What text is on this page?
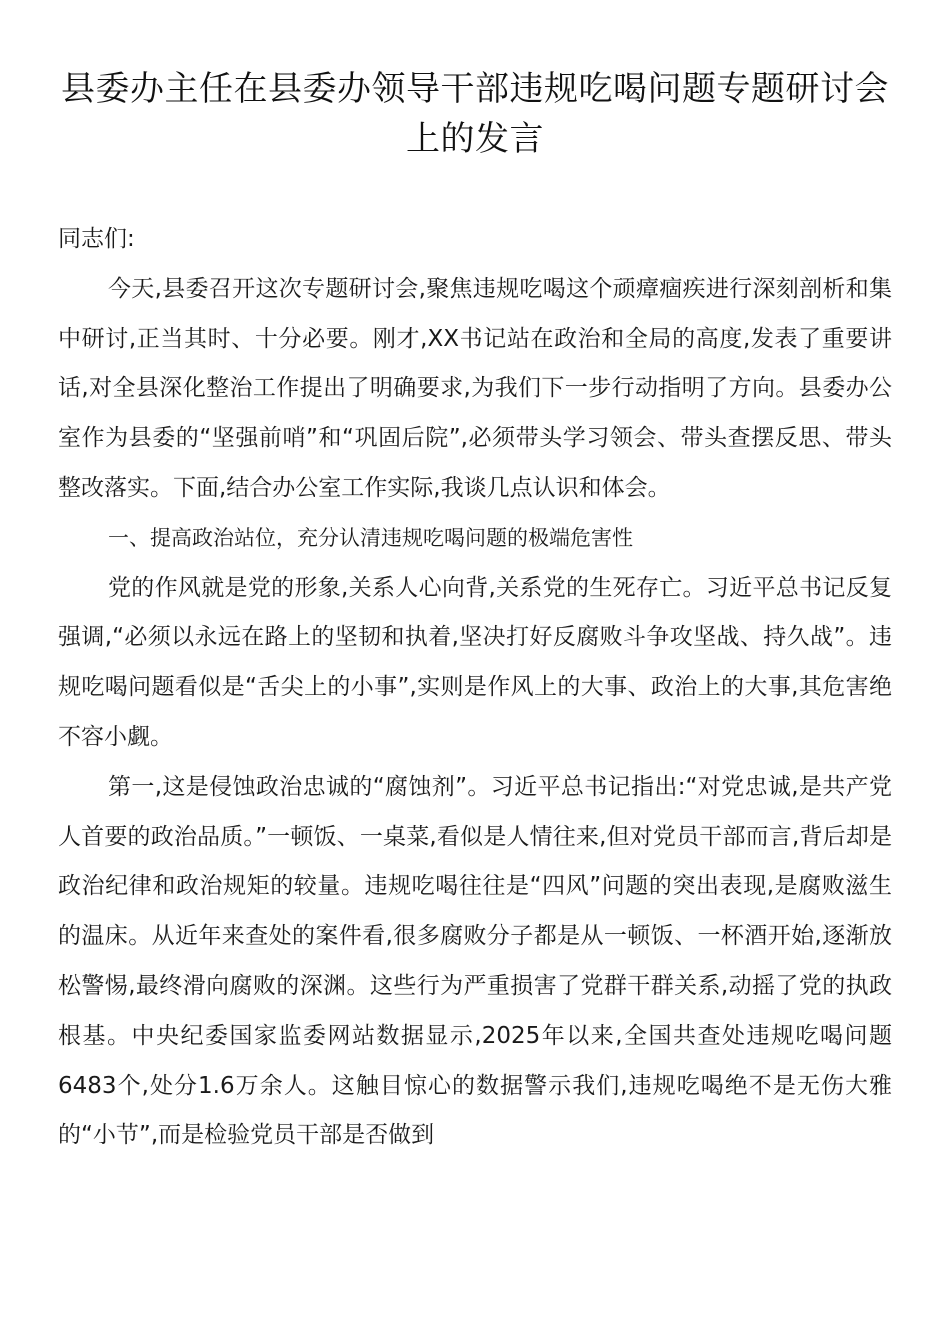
县委办主任在县委办领导干部违规吃喝问题专题研讨会上的发言

同志们:

今天,县委召开这次专题研讨会,聚焦违规吃喝这个顽瘴痼疾进行深刻剖析和集中研讨,正当其时、十分必要。刚才,XX书记站在政治和全局的高度,发表了重要讲话,对全县深化整治工作提出了明确要求,为我们下一步行动指明了方向。县委办公室作为县委的“坚强前哨”和“巩固后院”,必须带头学习领会、带头查摆反思、带头整改落实。下面,结合办公室工作实际,我谈几点认识和体会。

一、提高政治站位，充分认清违规吃喝问题的极端危害性

党的作风就是党的形象,关系人心向背,关系党的生死存亡。习近平总书记反复强调,“必须以永远在路上的坚韧和执着,坚决打好反腐败斗争攻坚战、持久战”。违规吃喝问题看似是“舌尖上的小事”,实则是作风上的大事、政治上的大事,其危害绝不容小觑。

第一,这是侵蚀政治忠诚的“腐蚀剂”。习近平总书记指出:“对党忠诚,是共产党人首要的政治品质。”一顿饭、一桌菜,看似是人情往来,但对党员干部而言,背后却是政治纪律和政治规矩的较量。违规吃喝往往是“四风”问题的突出表现,是腐败滋生的温床。从近年来查处的案件看,很多腐败分子都是从一顿饭、一杯酒开始,逐渐放松警惕,最终滑向腐败的深渊。这些行为严重损害了党群干群关系,动摇了党的执政根基。中央纪委国家监委网站数据显示,2025年以来,全国共查处违规吃喝问题6483个,处分1.6万余人。这触目惊心的数据警示我们,违规吃喝绝不是无伤大雅的“小节”,而是检验党员干部是否做到
